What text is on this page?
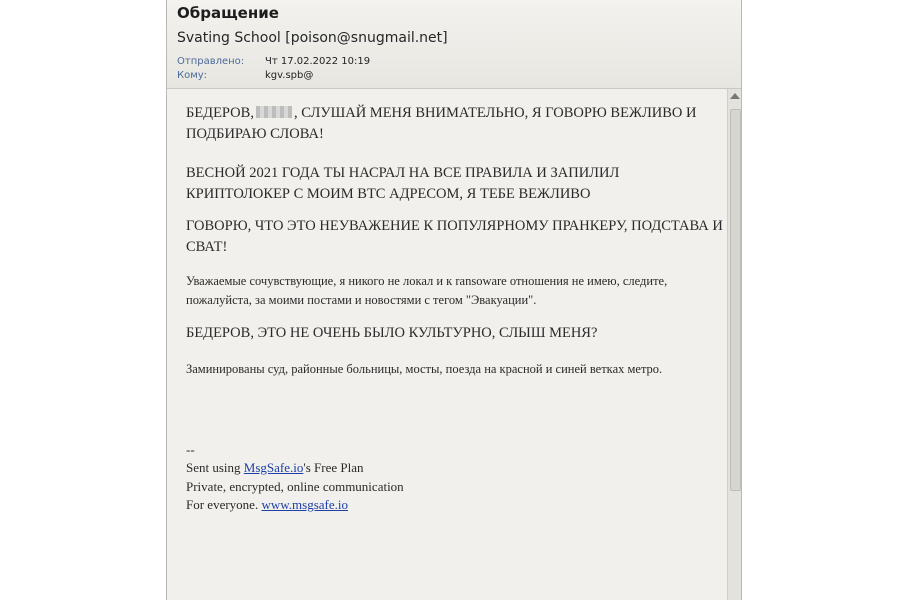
Обращение
Svating School [poison@snugmail.net]
Отправлено: Чт 17.02.2022 10:19
Кому:	kgv.spb@

БЕДЕРОВ,	, СЛУШАЙ МЕНЯ ВНИМАТЕЛЬНО, Я ГОВОРЮ ВЕЖЛИВО И ПОДБИРАЮ СЛОВА!

ВЕСНОЙ 2021 ГОДА ТЫ НАСРАЛ НА ВСЕ ПРАВИЛА И ЗАПИЛИЛ КРИПТОЛОКЕР С МОИМ BTC АДРЕСОМ, Я ТЕБЕ ВЕЖЛИВО

ГОВОРЮ, ЧТО ЭТО НЕУВАЖЕНИЕ К ПОПУЛЯРНОМУ ПРАНКЕРУ, ПОДСТАВА И СВАТ!

Уважаемые сочувствующие, я никого не локал и к ransoware отношения не имею, следите, пожалуйста, за моими постами и новостями с тегом "Эвакуации".

БЕДЕРОВ, ЭТО НЕ ОЧЕНЬ БЫЛО КУЛЬТУРНО, СЛЫШ МЕНЯ?

Заминированы суд, районные больницы, мосты, поезда на красной и синей ветках метро.

--
Sent using MsgSafe.io's Free Plan
Private, encrypted, online communication
For everyone. www.msgsafe.io
